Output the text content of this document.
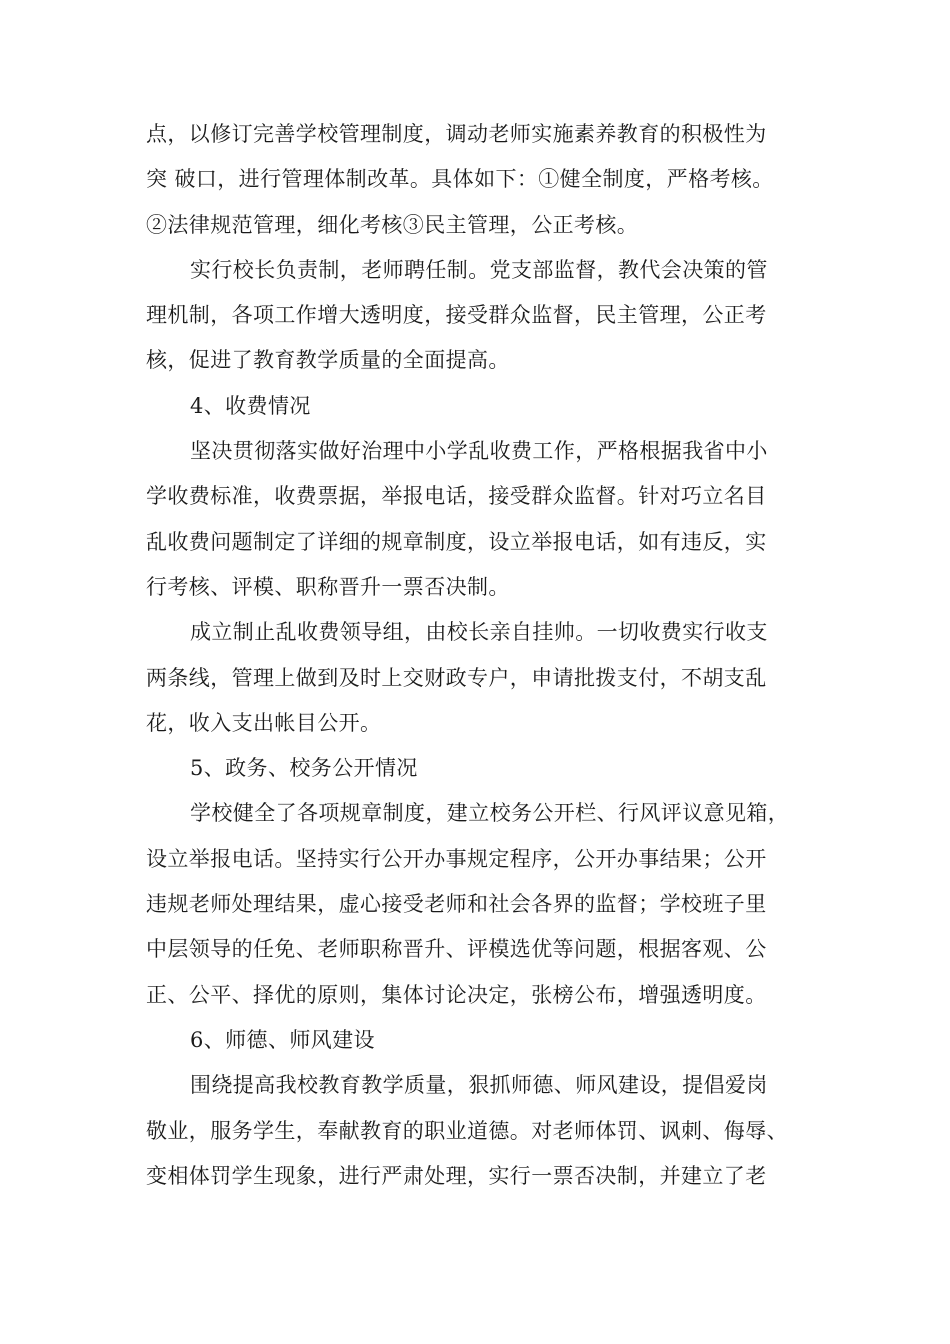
点，以修订完善学校管理制度，调动老师实施素养教育的积极性为
突 破口，进行管理体制改革。具体如下：①健全制度，严格考核。
②法律规范管理，细化考核③民主管理，公正考核。
实行校长负责制，老师聘任制。党支部监督，教代会决策的管
理机制，各项工作增大透明度，接受群众监督，民主管理，公正考
核，促进了教育教学质量的全面提高。
4、收费情况
坚决贯彻落实做好治理中小学乱收费工作，严格根据我省中小
学收费标准，收费票据，举报电话，接受群众监督。针对巧立名目
乱收费问题制定了详细的规章制度，设立举报电话，如有违反，实
行考核、评模、职称晋升一票否决制。
成立制止乱收费领导组，由校长亲自挂帅。一切收费实行收支
两条线，管理上做到及时上交财政专户，申请批拨支付，不胡支乱
花，收入支出帐目公开。
5、政务、校务公开情况
学校健全了各项规章制度，建立校务公开栏、行风评议意见箱，
设立举报电话。坚持实行公开办事规定程序，公开办事结果；公开
违规老师处理结果，虚心接受老师和社会各界的监督；学校班子里
中层领导的任免、老师职称晋升、评模选优等问题，根据客观、公
正、公平、择优的原则，集体讨论决定，张榜公布，增强透明度。
6、师德、师风建设
围绕提高我校教育教学质量，狠抓师德、师风建设，提倡爱岗
敬业，服务学生，奉献教育的职业道德。对老师体罚、讽刺、侮辱、
变相体罚学生现象，进行严肃处理，实行一票否决制，并建立了老
